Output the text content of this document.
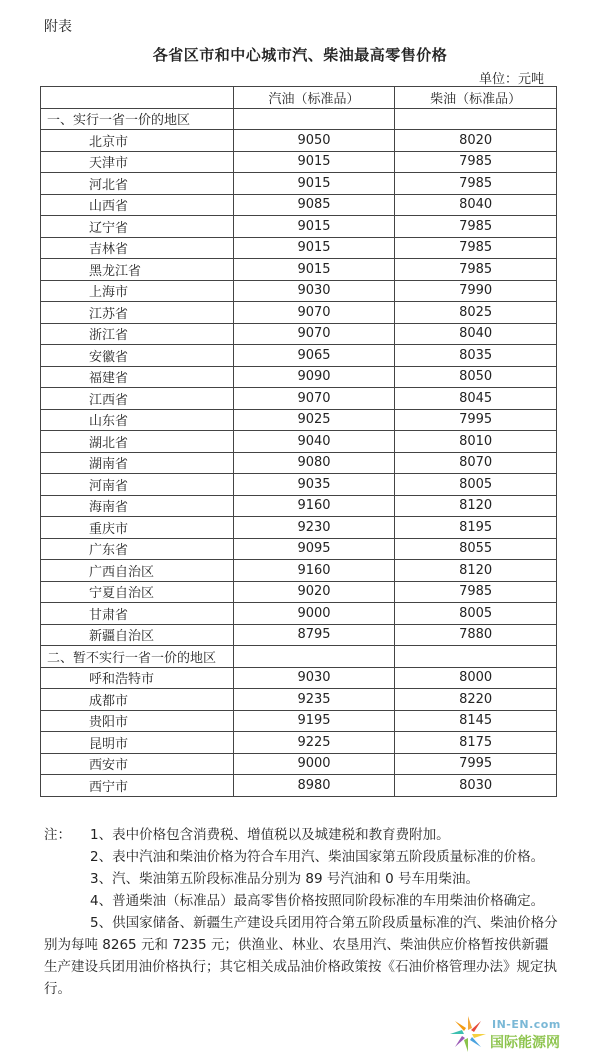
附表
各省区市和中心城市汽、柴油最高零售价格
单位：元吨
	汽油（标准品）	柴油（标准品）
一、实行一省一价的地区		
北京市	9050	8020
天津市	9015	7985
河北省	9015	7985
山西省	9085	8040
辽宁省	9015	7985
吉林省	9015	7985
黑龙江省	9015	7985
上海市	9030	7990
江苏省	9070	8025
浙江省	9070	8040
安徽省	9065	8035
福建省	9090	8050
江西省	9070	8045
山东省	9025	7995
湖北省	9040	8010
湖南省	9080	8070
河南省	9035	8005
海南省	9160	8120
重庆市	9230	8195
广东省	9095	8055
广西自治区	9160	8120
宁夏自治区	9020	7985
甘肃省	9000	8005
新疆自治区	8795	7880
二、暂不实行一省一价的地区		
呼和浩特市	9030	8000
成都市	9235	8220
贵阳市	9195	8145
昆明市	9225	8175
西安市	9000	7995
西宁市	8980	8030
注：	1、表中价格包含消费税、增值税以及城建税和教育费附加。
2、表中汽油和柴油价格为符合车用汽、柴油国家第五阶段质量标准的价格。
3、汽、柴油第五阶段标准品分别为 89 号汽油和 0 号车用柴油。
4、普通柴油（标准品）最高零售价格按照同阶段标准的车用柴油价格确定。
5、供国家储备、新疆生产建设兵团用符合第五阶段质量标准的汽、柴油价格分别为每吨 8265 元和 7235 元；供渔业、林业、农垦用汽、柴油供应价格暂按供新疆生产建设兵团用油价格执行；其它相关成品油价格政策按《石油价格管理办法》规定执行。
IN-EN.com
国际能源网
